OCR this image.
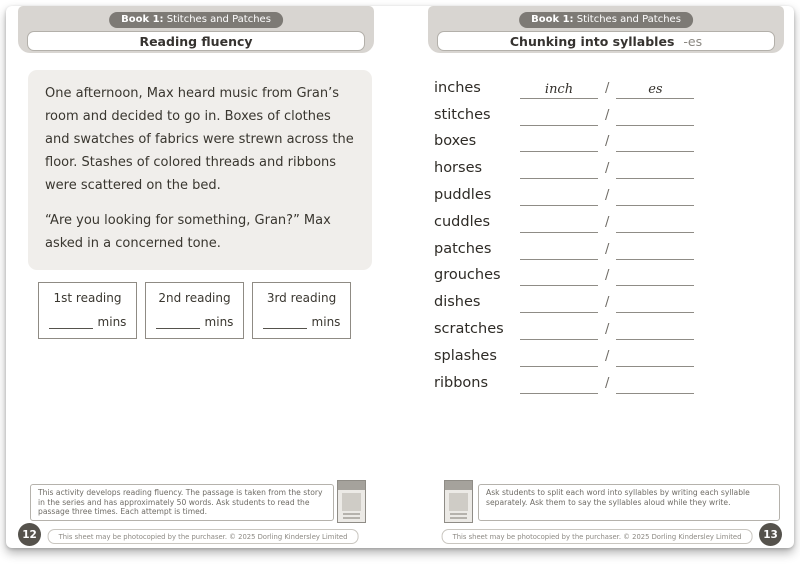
Book 1: Stitches and Patches
Reading fluency

One afternoon, Max heard music from Gran’s room and decided to go in. Boxes of clothes and swatches of fabrics were strewn across the floor. Stashes of colored threads and ribbons were scattered on the bed.

“Are you looking for something, Gran?” Max asked in a concerned tone.

1st reading
mins
2nd reading
mins
3rd reading
mins
This activity develops reading fluency. The passage is taken from the story in the series and has approximately 50 words. Ask students to read the passage three times. Each attempt is timed.
This sheet may be photocopied by the purchaser. © 2025 Dorling Kindersley Limited
12
Book 1: Stitches and Patches
Chunking into syllables -es
inches	inch	/	es
stitches	/
boxes	/
horses	/
puddles	/
cuddles	/
patches	/
grouches	/
dishes	/
scratches	/
splashes	/
ribbons	/
Ask students to split each word into syllables by writing each syllable separately. Ask them to say the syllables aloud while they write.
This sheet may be photocopied by the purchaser. © 2025 Dorling Kindersley Limited	13
